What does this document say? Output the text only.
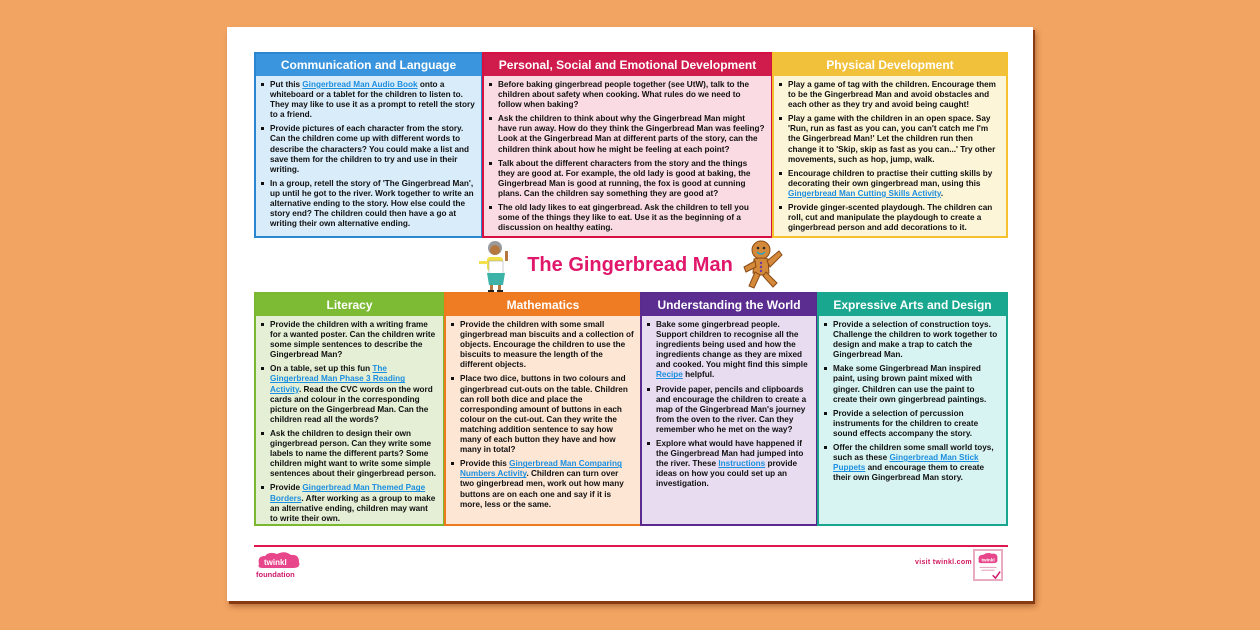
Communication and Language
Put this Gingerbread Man Audio Book onto a whiteboard or a tablet for the children to listen to. They may like to use it as a prompt to retell the story to a friend.
Provide pictures of each character from the story. Can the children come up with different words to describe the characters? You could make a list and save them for the children to try and use in their writing.
In a group, retell the story of 'The Gingerbread Man', up until he got to the river. Work together to write an alternative ending to the story. How else could the story end? The children could then have a go at writing their own alternative ending.
Personal, Social and Emotional Development
Before baking gingerbread people together (see UtW), talk to the children about safety when cooking. What rules do we need to follow when baking?
Ask the children to think about why the Gingerbread Man might have run away. How do they think the Gingerbread Man was feeling? Look at the Gingerbread Man at different parts of the story, can the children think about how he might be feeling at each point?
Talk about the different characters from the story and the things they are good at. For example, the old lady is good at baking, the Gingerbread Man is good at running, the fox is good at cunning plans. Can the children say something they are good at?
The old lady likes to eat gingerbread. Ask the children to tell you some of the things they like to eat. Use it as the beginning of a discussion on healthy eating.
Physical Development
Play a game of tag with the children. Encourage them to be the Gingerbread Man and avoid obstacles and each other as they try and avoid being caught!
Play a game with the children in an open space. Say 'Run, run as fast as you can, you can't catch me I'm the Gingerbread Man!' Let the children run then change it to 'Skip, skip as fast as you can...' Try other movements, such as hop, jump, walk.
Encourage children to practise their cutting skills by decorating their own gingerbread man, using this Gingerbread Man Cutting Skills Activity.
Provide ginger-scented playdough. The children can roll, cut and manipulate the playdough to create a gingerbread person and add decorations to it.
The Gingerbread Man
Literacy
Provide the children with a writing frame for a wanted poster. Can the children write some simple sentences to describe the Gingerbread Man?
On a table, set up this fun The Gingerbread Man Phase 3 Reading Activity. Read the CVC words on the word cards and colour in the corresponding picture on the Gingerbread Man. Can the children read all the words?
Ask the children to design their own gingerbread person. Can they write some labels to name the different parts? Some children might want to write some simple sentences about their gingerbread person.
Provide Gingerbread Man Themed Page Borders. After working as a group to make an alternative ending, children may want to write their own.
Mathematics
Provide the children with some small gingerbread man biscuits and a collection of objects. Encourage the children to use the biscuits to measure the length of the different objects.
Place two dice, buttons in two colours and gingerbread cut-outs on the table. Children can roll both dice and place the corresponding amount of buttons in each colour on the cut-out. Can they write the matching addition sentence to say how many of each button they have and how many in total?
Provide this Gingerbread Man Comparing Numbers Activity. Children can turn over two gingerbread men, work out how many buttons are on each one and say if it is more, less or the same.
Understanding the World
Bake some gingerbread people. Support children to recognise all the ingredients being used and how the ingredients change as they are mixed and cooked. You might find this simple Recipe helpful.
Provide paper, pencils and clipboards and encourage the children to create a map of the Gingerbread Man's journey from the oven to the river. Can they remember who he met on the way?
Explore what would have happened if the Gingerbread Man had jumped into the river. These Instructions provide ideas on how you could set up an investigation.
Expressive Arts and Design
Provide a selection of construction toys. Challenge the children to work together to design and make a trap to catch the Gingerbread Man.
Make some Gingerbread Man inspired paint, using brown paint mixed with ginger. Children can use the paint to create their own gingerbread paintings.
Provide a selection of percussion instruments for the children to create sound effects accompany the story.
Offer the children some small world toys, such as these Gingerbread Man Stick Puppets and encourage them to create their own Gingerbread Man story.
twinkl
foundation
visit twinkl.com twinkl
